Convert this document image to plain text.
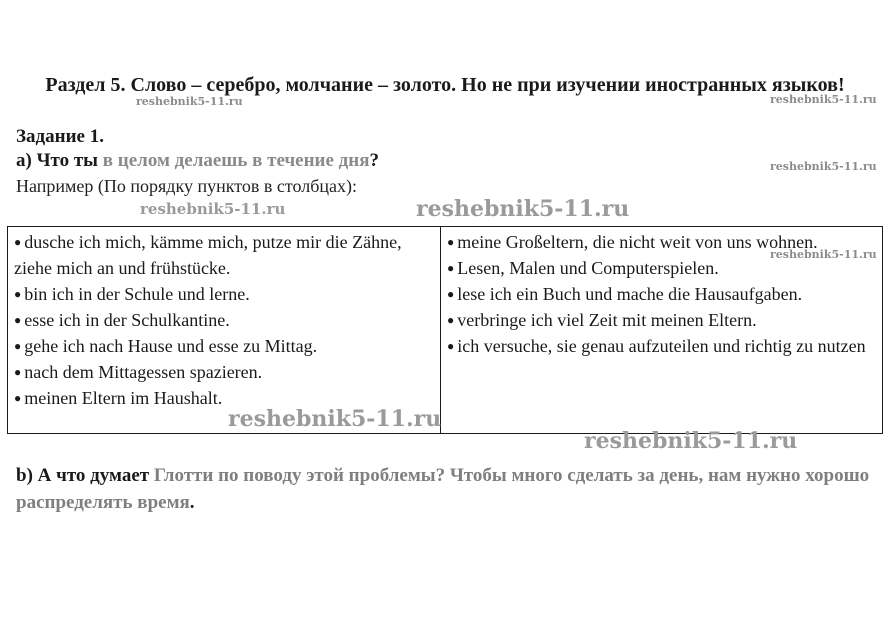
Раздел 5. Слово – серебро, молчание – золото. Но не при изучении иностранных языков!
Задание 1.
a) Что ты в целом делаешь в течение дня?
Например (По порядку пунктов в столбцах):

● dusche ich mich, kämme mich, putze mir die Zähne, ziehe mich an und frühstücke.

● bin ich in der Schule und lerne.

● esse ich in der Schulkantine.

● gehe ich nach Hause und esse zu Mittag.

● nach dem Mittagessen spazieren.

● meinen Eltern im Haushalt.

● meine Großeltern, die nicht weit von uns wohnen.

● Lesen, Malen und Computerspielen.

● lese ich ein Buch und mache die Hausaufgaben.

● verbringe ich viel Zeit mit meinen Eltern.

● ich versuche, sie genau aufzuteilen und richtig zu nutzen

b) А что думает Глотти по поводу этой проблемы? Чтобы много сделать за день, нам нужно хорошо распределять время.
reshebnik5-11.ru	reshebnik5-11.ru
reshebnik5-11.ru
reshebnik5-11.ru
reshebnik5-11.ru	reshebnik5-11.ru
reshebnik5-11.ru
reshebnik5-11.ru
